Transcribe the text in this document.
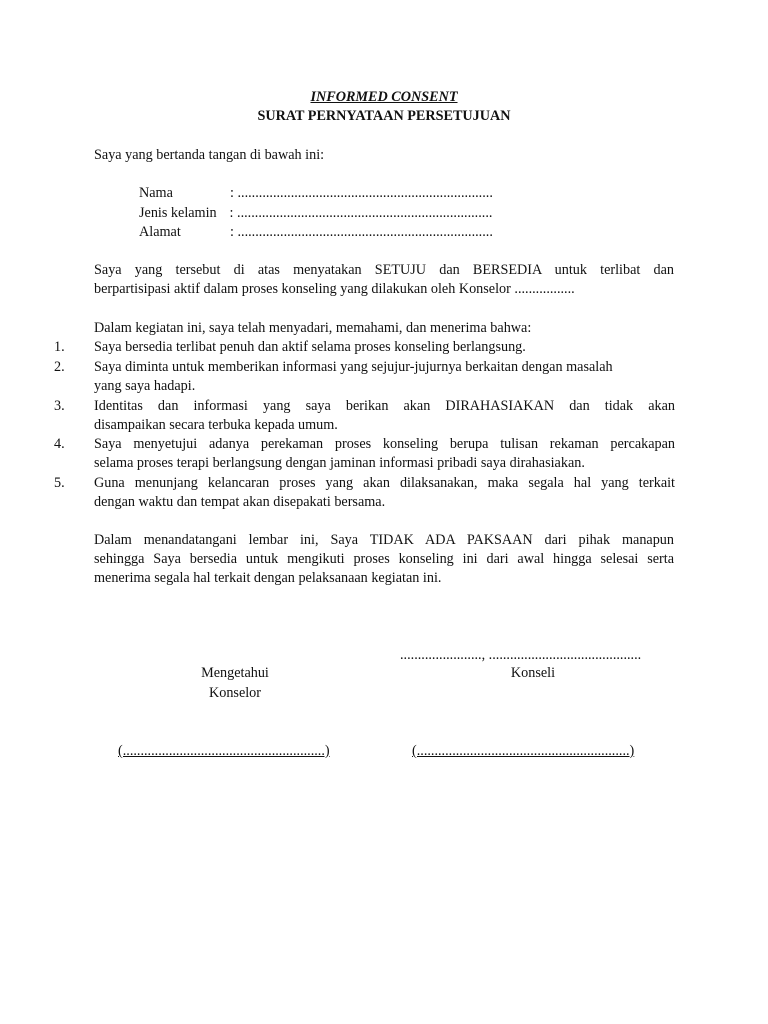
INFORMED CONSENT
SURAT PERNYATAAN PERSETUJUAN
Saya yang bertanda tangan di bawah ini:
Nama	: ........................................................................
Jenis kelamin : ........................................................................
Alamat	: ........................................................................
Saya yang tersebut di atas menyatakan SETUJU dan BERSEDIA untuk terlibat dan
berpartisipasi aktif dalam proses konseling yang dilakukan oleh Konselor .................
Dalam kegiatan ini, saya telah menyadari, memahami, dan menerima bahwa:
1.	Saya bersedia terlibat penuh dan aktif selama proses konseling berlangsung.
2.	Saya diminta untuk memberikan informasi yang sejujur-jujurnya berkaitan dengan masalah
yang saya hadapi.
3.	Identitas dan informasi yang saya berikan akan DIRAHASIAKAN dan tidak akan
disampaikan secara terbuka kepada umum.
4.	Saya menyetujui adanya perekaman proses konseling berupa tulisan rekaman percakapan
selama proses terapi berlangsung dengan jaminan informasi pribadi saya dirahasiakan.
5.	Guna menunjang kelancaran proses yang akan dilaksanakan, maka segala hal yang terkait
dengan waktu dan tempat akan disepakati bersama.
Dalam menandatangani lembar ini, Saya TIDAK ADA PAKSAAN dari pihak manapun
sehingga Saya bersedia untuk mengikuti proses konseling ini dari awal hingga selesai serta
menerima segala hal terkait dengan pelaksanaan kegiatan ini.
......................., ...........................................
Mengetahui
Konselor
Konseli
(.........................................................)	(............................................................)
